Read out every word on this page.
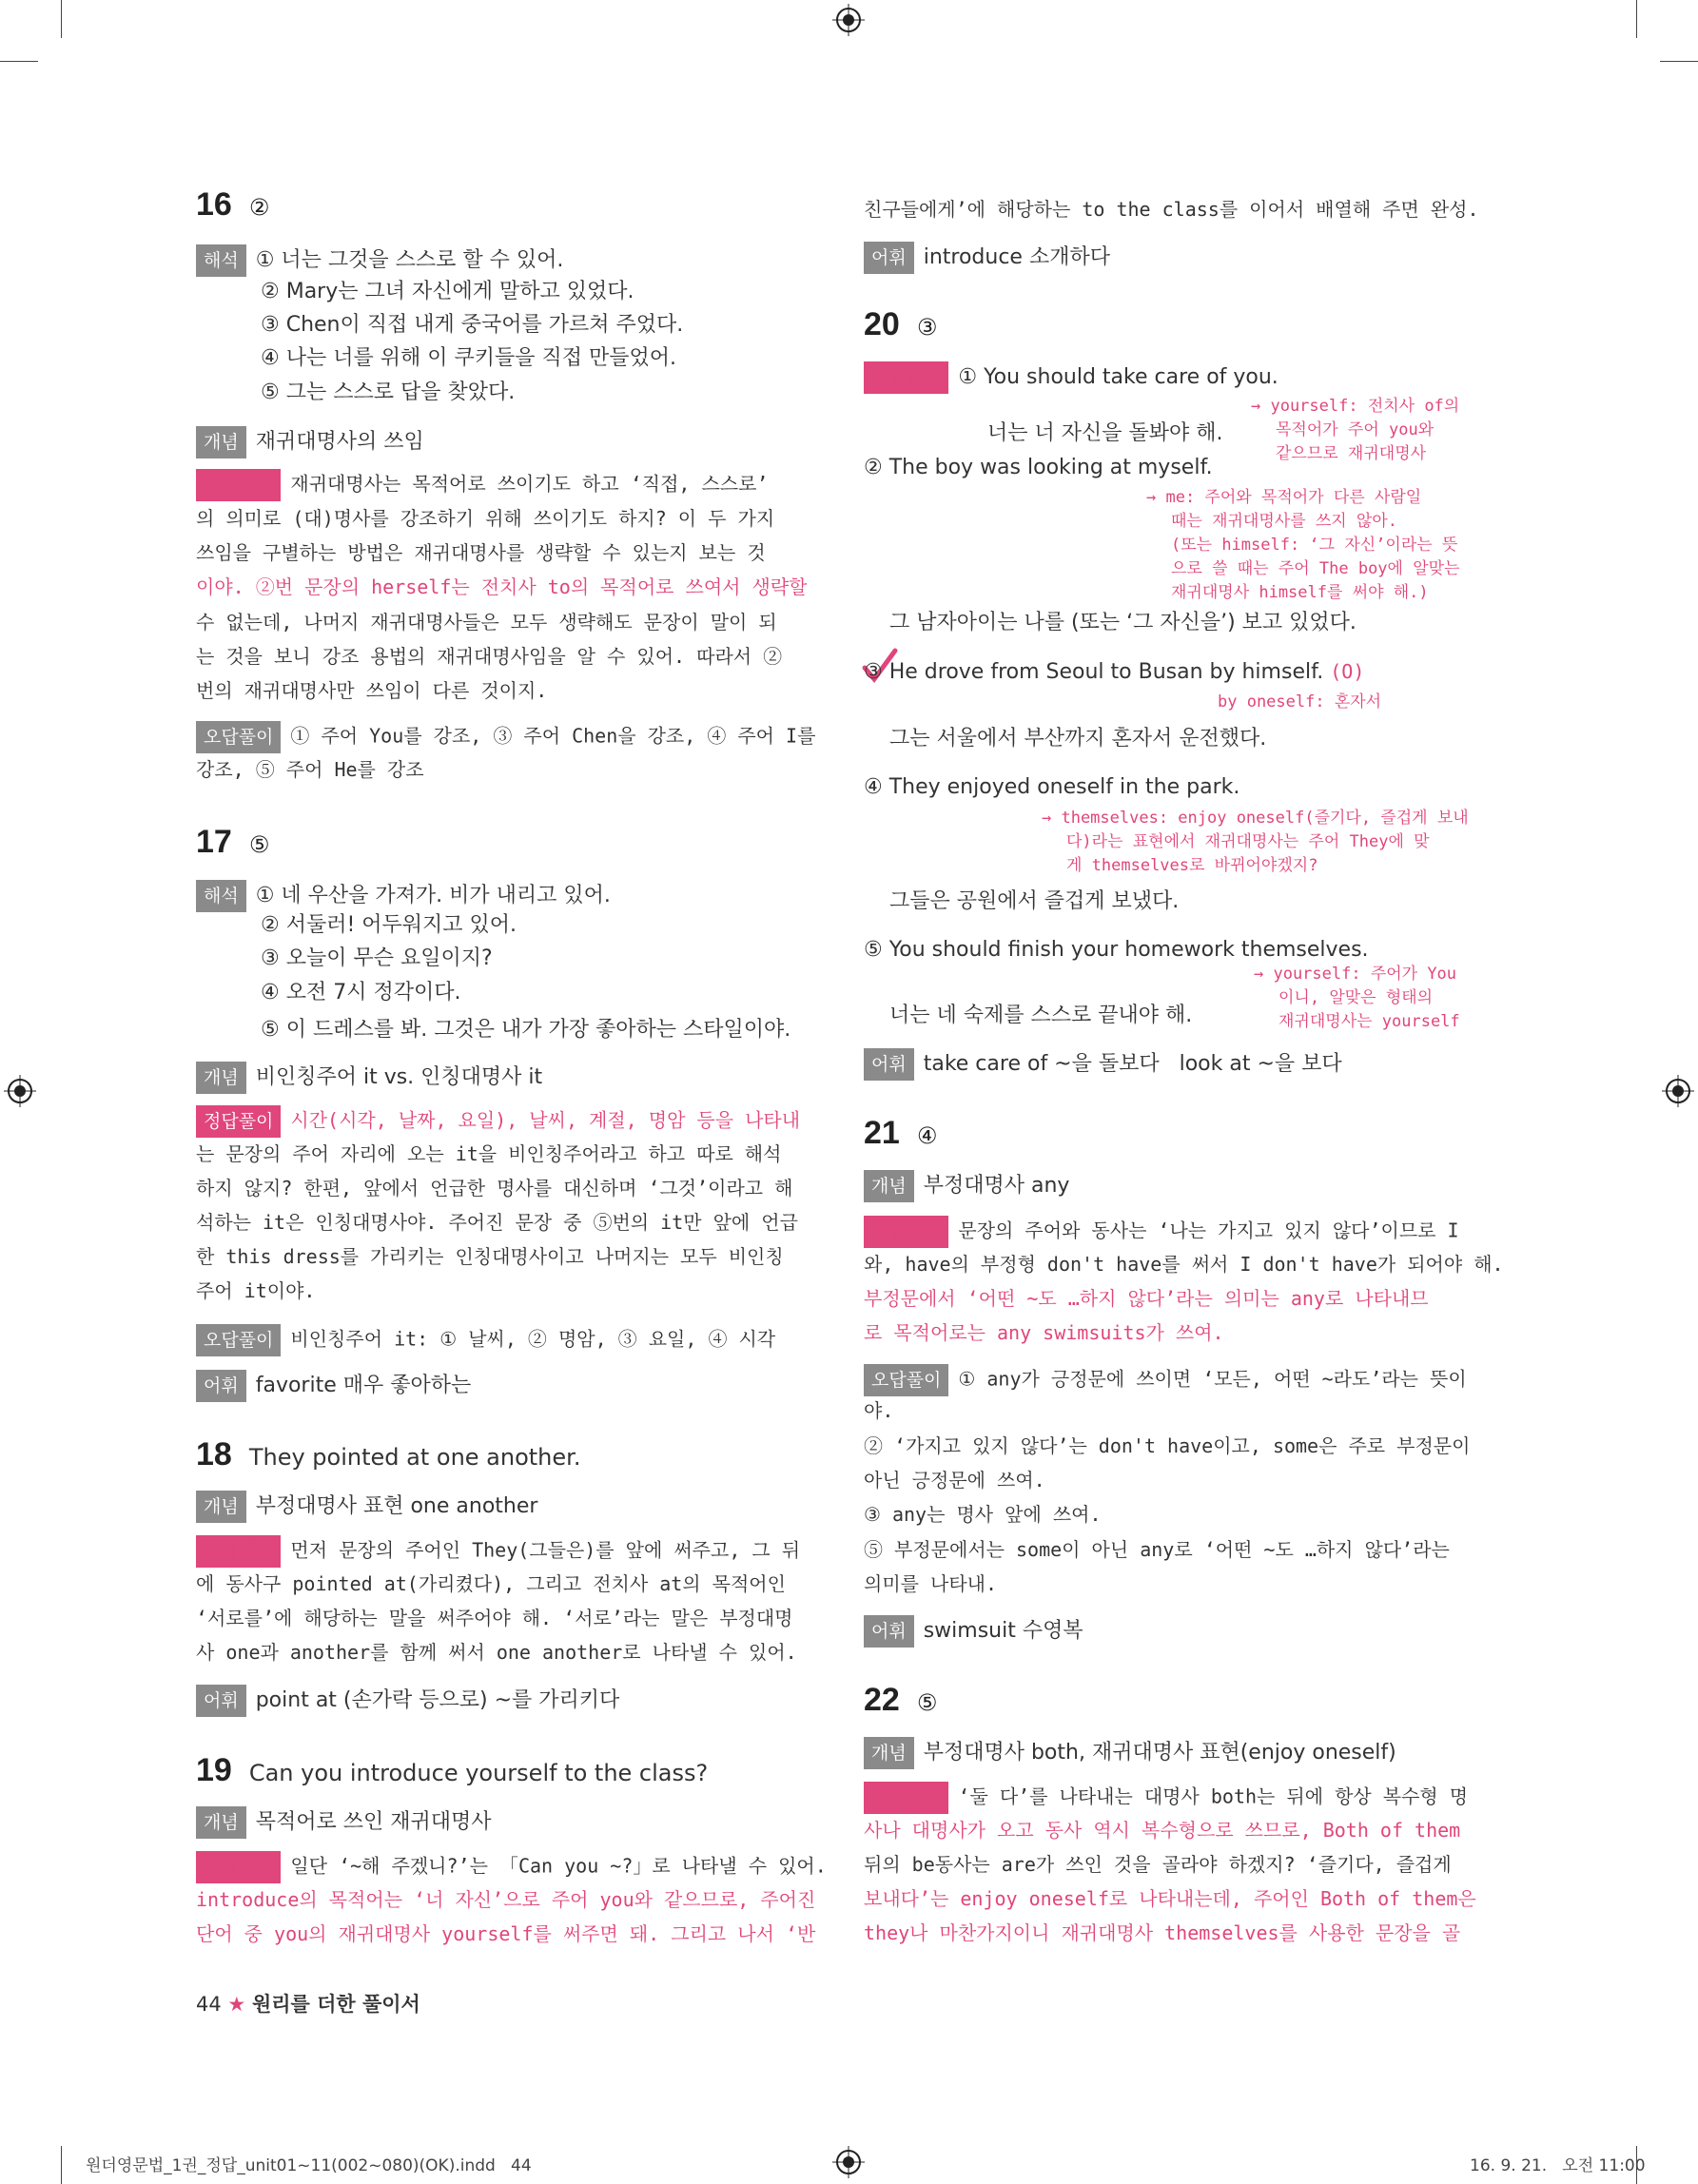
16 ②
해석 ① 너는 그것을 스스로 할 수 있어.
② Mary는 그녀 자신에게 말하고 있었다.
③ Chen이 직접 내게 중국어를 가르쳐 주었다.
④ 나는 너를 위해 이 쿠키들을 직접 만들었어.
⑤ 그는 스스로 답을 찾았다.
개념 재귀대명사의 쓰임
정답풀이 재귀대명사는 목적어로 쓰이기도 하고 ‘직접, 스스로’
의 의미로 (대)명사를 강조하기 위해 쓰이기도 하지? 이 두 가지
쓰임을 구별하는 방법은 재귀대명사를 생략할 수 있는지 보는 것
이야. ②번 문장의 herself는 전치사 to의 목적어로 쓰여서 생략할
수 없는데, 나머지 재귀대명사들은 모두 생략해도 문장이 말이 되
는 것을 보니 강조 용법의 재귀대명사임을 알 수 있어. 따라서 ②
번의 재귀대명사만 쓰임이 다른 것이지.
오답풀이 ① 주어 You를 강조, ③ 주어 Chen을 강조, ④ 주어 I를
강조, ⑤ 주어 He를 강조
17 ⑤
해석 ① 네 우산을 가져가. 비가 내리고 있어.
② 서둘러! 어두워지고 있어.
③ 오늘이 무슨 요일이지?
④ 오전 7시 정각이다.
⑤ 이 드레스를 봐. 그것은 내가 가장 좋아하는 스타일이야.
개념 비인칭주어 it vs. 인칭대명사 it
정답풀이 시간(시각, 날짜, 요일), 날씨, 계절, 명암 등을 나타내
는 문장의 주어 자리에 오는 it을 비인칭주어라고 하고 따로 해석
하지 않지? 한편, 앞에서 언급한 명사를 대신하며 ‘그것’이라고 해
석하는 it은 인칭대명사야. 주어진 문장 중 ⑤번의 it만 앞에 언급
한 this dress를 가리키는 인칭대명사이고 나머지는 모두 비인칭
주어 it이야.
오답풀이 비인칭주어 it: ① 날씨, ② 명암, ③ 요일, ④ 시각
어휘 favorite 매우 좋아하는
18 They pointed at one another.
개념 부정대명사 표현 one another
정답풀이 먼저 문장의 주어인 They(그들은)를 앞에 써주고, 그 뒤
에 동사구 pointed at(가리켰다), 그리고 전치사 at의 목적어인
‘서로를’에 해당하는 말을 써주어야 해. ‘서로’라는 말은 부정대명
사 one과 another를 함께 써서 one another로 나타낼 수 있어.
어휘 point at (손가락 등으로) ~를 가리키다
19 Can you introduce yourself to the class?
개념 목적어로 쓰인 재귀대명사
정답풀이 일단 ‘~해 주겠니?’는 「Can you ~?」로 나타낼 수 있어.
introduce의 목적어는 ‘너 자신’으로 주어 you와 같으므로, 주어진
단어 중 you의 재귀대명사 yourself를 써주면 돼. 그리고 나서 ‘반
44 ★ 원리를 더한 풀이서
친구들에게’에 해당하는 to the class를 이어서 배열해 주면 완성.
어휘 introduce 소개하다
20 ③
정답풀이 ① You should take care of you.
→ yourself: 전치사 of의
목적어가 주어 you와
같으므로 재귀대명사
너는 너 자신을 돌봐야 해.
② The boy was looking at myself.
→ me: 주어와 목적어가 다른 사람일
때는 재귀대명사를 쓰지 않아.
(또는 himself: ‘그 자신’이라는 뜻
으로 쓸 때는 주어 The boy에 알맞는
재귀대명사 himself를 써야 해.)
그 남자아이는 나를 (또는 ‘그 자신을’) 보고 있었다.
③ He drove from Seoul to Busan by himself. (O)
by oneself: 혼자서
그는 서울에서 부산까지 혼자서 운전했다.
④ They enjoyed oneself in the park.
→ themselves: enjoy oneself(즐기다, 즐겁게 보내
다)라는 표현에서 재귀대명사는 주어 They에 맞
게 themselves로 바뀌어야겠지?
그들은 공원에서 즐겁게 보냈다.
⑤ You should finish your homework themselves.
→ yourself: 주어가 You
이니, 알맞은 형태의
재귀대명사는 yourself
너는 네 숙제를 스스로 끝내야 해.
어휘 take care of ~을 돌보다   look at ~을 보다
21 ④
개념 부정대명사 any
정답풀이 문장의 주어와 동사는 ‘나는 가지고 있지 않다’이므로 I
와, have의 부정형 don't have를 써서 I don't have가 되어야 해.
부정문에서 ‘어떤 ~도 …하지 않다’라는 의미는 any로 나타내므
로 목적어로는 any swimsuits가 쓰여.
오답풀이 ① any가 긍정문에 쓰이면 ‘모든, 어떤 ~라도’라는 뜻이
야.
② ‘가지고 있지 않다’는 don't have이고, some은 주로 부정문이
아닌 긍정문에 쓰여.
③ any는 명사 앞에 쓰여.
⑤ 부정문에서는 some이 아닌 any로 ‘어떤 ~도 …하지 않다’라는
의미를 나타내.
어휘 swimsuit 수영복
22 ⑤
개념 부정대명사 both, 재귀대명사 표현(enjoy oneself)
정답풀이 ‘둘 다’를 나타내는 대명사 both는 뒤에 항상 복수형 명
사나 대명사가 오고 동사 역시 복수형으로 쓰므로, Both of them
뒤의 be동사는 are가 쓰인 것을 골라야 하겠지? ‘즐기다, 즐겁게
보내다’는 enjoy oneself로 나타내는데, 주어인 Both of them은
they나 마찬가지이니 재귀대명사 themselves를 사용한 문장을 골
원더영문법_1권_정답_unit01~11(002~080)(OK).indd   44	16. 9. 21.   오전 11:00
